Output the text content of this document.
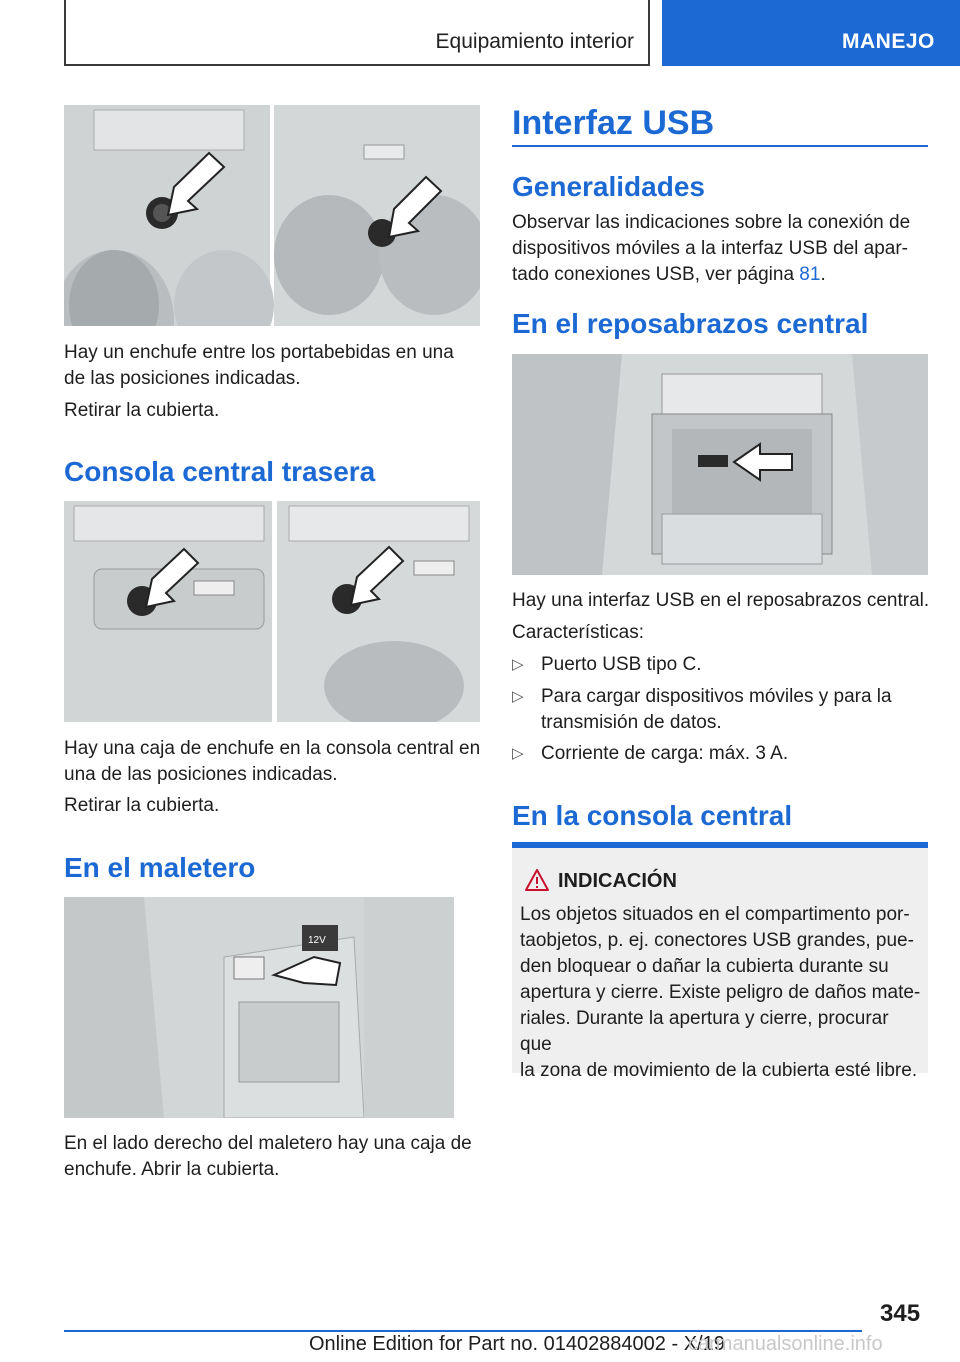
Equipamiento interior	MANEJO
Hay un enchufe entre los portabebidas en una
de las posiciones indicadas.
Retirar la cubierta.
Consola central trasera
Hay una caja de enchufe en la consola central en
una de las posiciones indicadas.
Retirar la cubierta.
En el maletero
12V
En el lado derecho del maletero hay una caja de
enchufe. Abrir la cubierta.
Interfaz USB
Generalidades
Observar las indicaciones sobre la conexión de
dispositivos móviles a la interfaz USB del apar-
tado conexiones USB, ver página 81.
En el reposabrazos central
Hay una interfaz USB en el reposabrazos central.
Características:
▷ Puerto USB tipo C.
▷ Para cargar dispositivos móviles y para la
transmisión de datos.
▷ Corriente de carga: máx. 3 A.
En la consola central
INDICACIÓN
Los objetos situados en el compartimento por-
taobjetos, p. ej. conectores USB grandes, pue-
den bloquear o dañar la cubierta durante su
apertura y cierre. Existe peligro de daños mate-
riales. Durante la apertura y cierre, procurar que
la zona de movimiento de la cubierta esté libre.
345
Online Edition for Part no. 01402884002 - X/19
carmanualsonline.info
